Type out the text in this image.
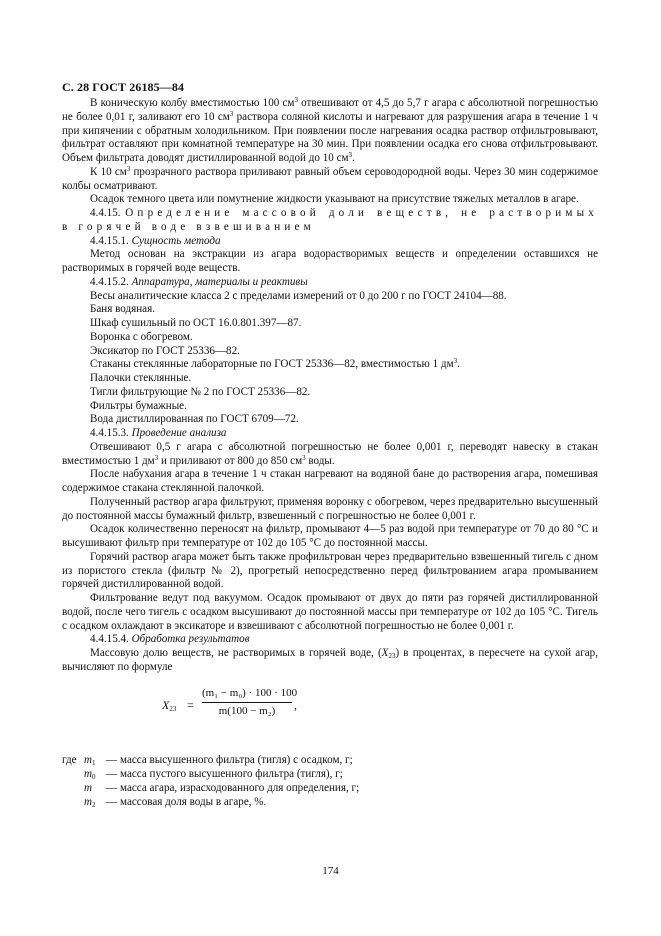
С. 28 ГОСТ 26185—84

В коническую колбу вместимостью 100 $см^3$ отвешивают от 4,5 до 5,7 г агара с абсолютной погрешностью не более 0,01 г, заливают его 10 $см^3$ раствора соляной кислоты и нагревают для разрушения агара в течение 1 ч при кипячении с обратным холодильником. При появлении после нагревания осадка раствор отфильтровывают, фильтрат оставляют при комнатной температуре на 30 мин. При появлении осадка его снова отфильтровывают. Объем фильтрата доводят дистиллированной водой до 10 $см^3$.

К 10 $см^3$ прозрачного раствора приливают равный объем сероводородной воды. Через 30 мин содержимое колбы осматривают.

Осадок темного цвета или помутнение жидкости указывают на присутствие тяжелых металлов в агаре.

4.4.15. Определение массовой доли веществ, не растворимых в горячей воде взвешиванием

4.4.15.1. Сущность метода

Метод основан на экстракции из агара водорастворимых веществ и определении оставшихся не растворимых в горячей воде веществ.

4.4.15.2. Аппаратура, материалы и реактивы

Весы аналитические класса 2 с пределами измерений от 0 до 200 г по ГОСТ 24104—88.

Баня водяная.

Шкаф сушильный по ОСТ 16.0.801.397—87.

Воронка с обогревом.

Эксикатор по ГОСТ 25336—82.

Стаканы стеклянные лабораторные по ГОСТ 25336—82, вместимостью 1 $дм^3$.

Палочки стеклянные.

Тигли фильтрующие № 2 по ГОСТ 25336—82.

Фильтры бумажные.

Вода дистиллированная по ГОСТ 6709—72.

4.4.15.3. Проведение анализа

Отвешивают 0,5 г агара с абсолютной погрешностью не более 0,001 г, переводят навеску в стакан вместимостью 1 $дм^3$ и приливают от 800 до 850 $см^3$ воды.

После набухания агара в течение 1 ч стакан нагревают на водяной бане до растворения агара, помешивая содержимое стакана стеклянной палочкой.

Полученный раствор агара фильтруют, применяя воронку с обогревом, через предварительно высушенный до постоянной массы бумажный фильтр, взвешенный с погрешностью не более 0,001 г.

Осадок количественно переносят на фильтр, промывают 4—5 раз водой при температуре от 70 до 80 °С и высушивают фильтр при температуре от 102 до 105 °С до постоянной массы.

Горячий раствор агара может быть также профильтрован через предварительно взвешенный тигель с дном из пористого стекла (фильтр № 2), прогретый непосредственно перед фильтрованием агара промыванием горячей дистиллированной водой.

Фильтрование ведут под вакуумом. Осадок промывают от двух до пяти раз горячей дистиллированной водой, после чего тигель с осадком высушивают до постоянной массы при температуре от 102 до 105 °С. Тигель с осадком охлаждают в эксикаторе и взвешивают с абсолютной погрешностью не более 0,001 г.

4.4.15.4. Обработка результатов

Массовую долю веществ, не растворимых в горячей воде, $(X_{23})$ в процентах, в пересчете на сухой агар, вычисляют по формуле

$X_{23} = \frac{\text{(m₁ − m₀) · 100 · 100}}{\text{m(100 − m₂)}}$ ,
где $m_1$ — масса высушенного фильтра (тигля) с осадком, г;
$m_0$ — масса пустого высушенного фильтра (тигля), г;
m	— масса агара, израсходованного для определения, г;
$m_2$ — массовая доля воды в агаре, %.
174
